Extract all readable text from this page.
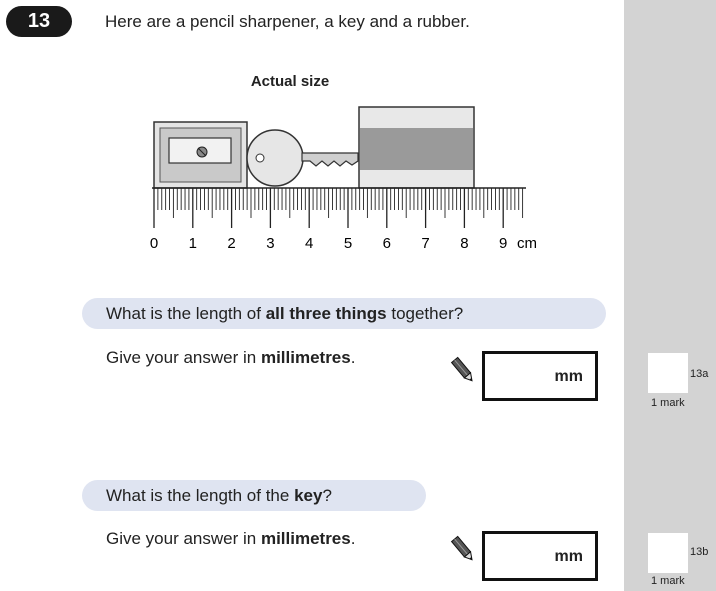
13	Here are a pencil sharpener, a key and a rubber.
Actual size
0 1 2 3 4 5 6 7 8 9 cm
What is the length of all three things together?
Give your answer in millimetres.
mm	13a
1 mark
What is the length of the key?
Give your answer in millimetres.
mm	13b
1 mark
